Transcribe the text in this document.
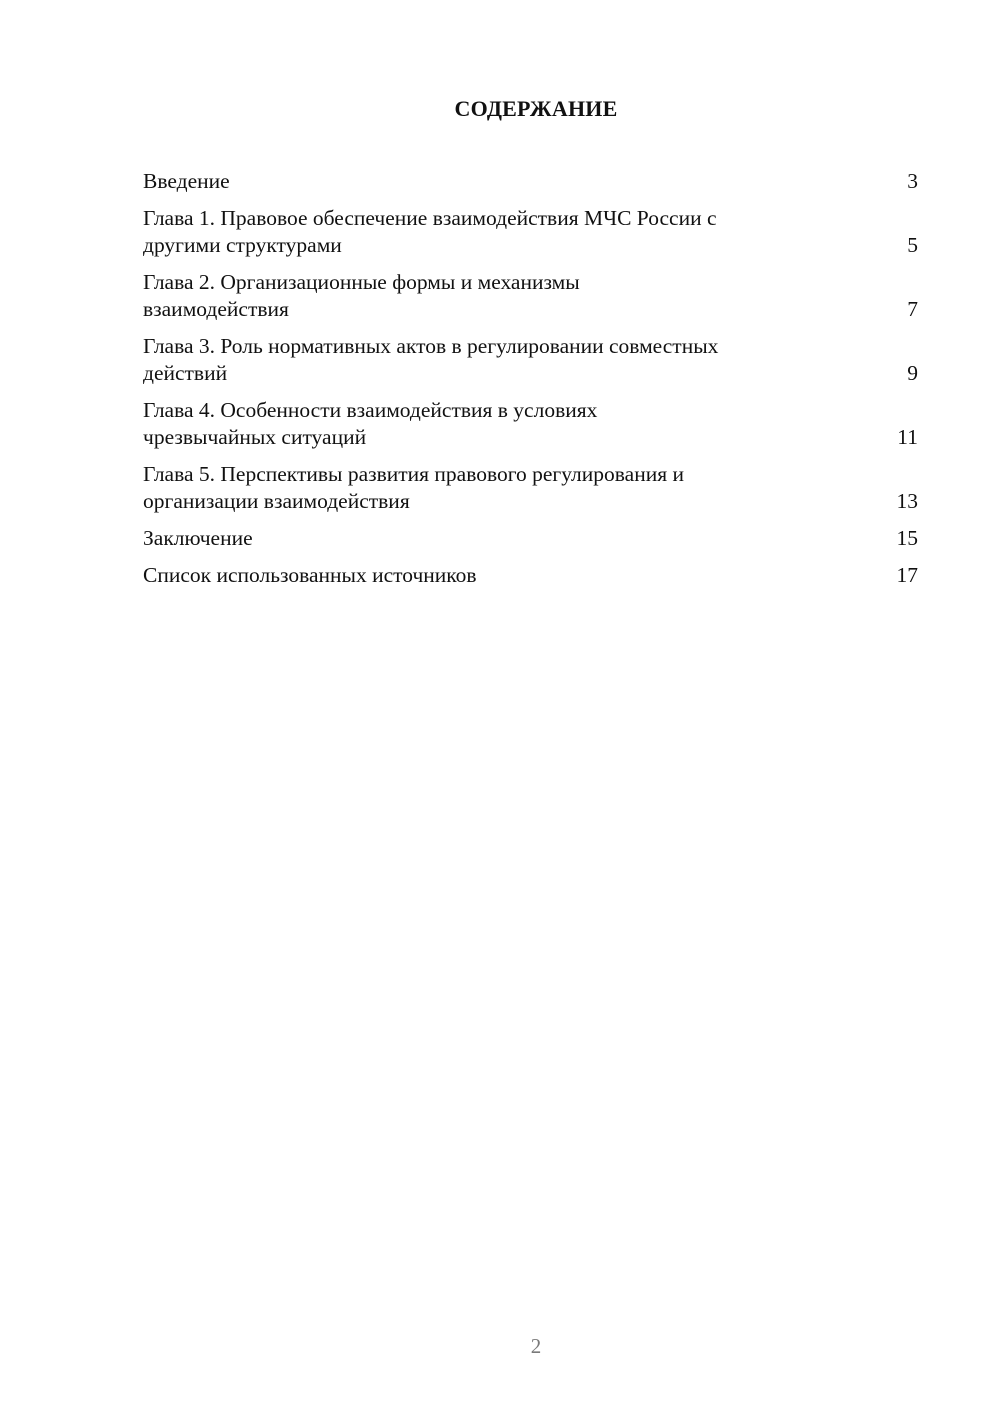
СОДЕРЖАНИЕ
Введение	3
Глава 1. Правовое обеспечение взаимодействия МЧС России с
другими структурами	5
Глава 2. Организационные формы и механизмы
взаимодействия	7
Глава 3. Роль нормативных актов в регулировании совместных
действий	9
Глава 4. Особенности взаимодействия в условиях
чрезвычайных ситуаций	11
Глава 5. Перспективы развития правового регулирования и
организации взаимодействия	13
Заключение	15
Список использованных источников	17
2
